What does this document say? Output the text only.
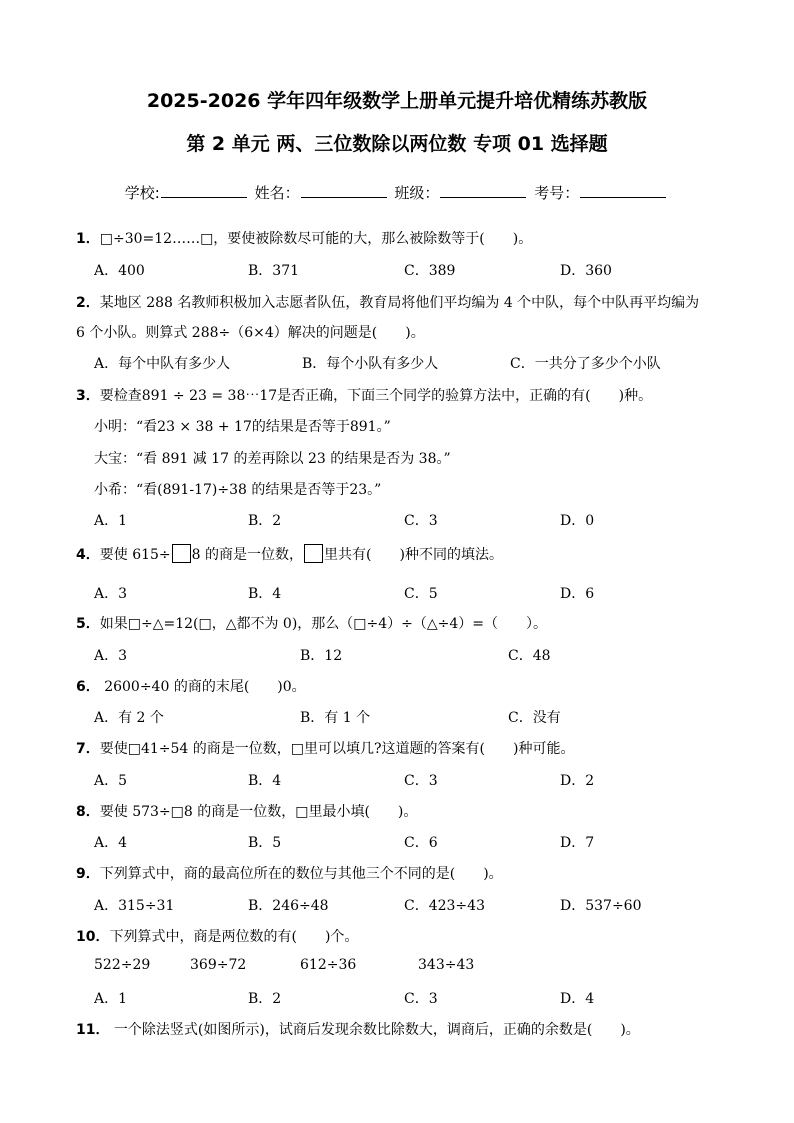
2025-2026 学年四年级数学上册单元提升培优精练苏教版
第 2 单元 两、三位数除以两位数 专项 01 选择题
学校:	姓名：	班级：	考号：
1．□÷30=12……□，要使被除数尽可能的大，那么被除数等于(　　)。
A．400	B．371	C．389	D．360
2．某地区 288 名教师积极加入志愿者队伍，教育局将他们平均编为 4 个中队，每个中队再平均编为
6 个小队。则算式 288÷（6×4）解决的问题是(　　)。
A．每个中队有多少人	B．每个小队有多少人	C．一共分了多少个小队
3．要检查891 ÷ 23 = 38⋯17是否正确，下面三个同学的验算方法中，正确的有(　　)种。
小明：“看23 × 38 + 17的结果是否等于891。”
大宝：“看 891 减 17 的差再除以 23 的结果是否为 38。”
小希：“看(891-17)÷38 的结果是否等于23。”
A．1	B．2	C．3	D．0
4．要使 615÷ 8 的商是一位数， 里共有(　　)种不同的填法。
A．3	B．4	C．5	D．6
5．如果□÷△=12(□，△都不为 0)，那么（□÷4）÷（△÷4）=（　　）。
A．3	B．12	C．48
6． 2600÷40 的商的末尾(　　)0。
A．有 2 个	B．有 1 个	C．没有
7．要使□41÷54 的商是一位数，□里可以填几?这道题的答案有(　　)种可能。
A．5	B．4	C．3	D．2
8．要使 573÷□8 的商是一位数，□里最小填(　　)。
A．4	B．5	C．6	D．7
9．下列算式中，商的最高位所在的数位与其他三个不同的是(　　)。
A．315÷31	B．246÷48	C．423÷43	D．537÷60
10．下列算式中，商是两位数的有(　　)个。
522÷29	369÷72	612÷36	343÷43
A．1	B．2	C．3	D．4
11． 一个除法竖式(如图所示)，试商后发现余数比除数大，调商后，正确的余数是(　　)。
